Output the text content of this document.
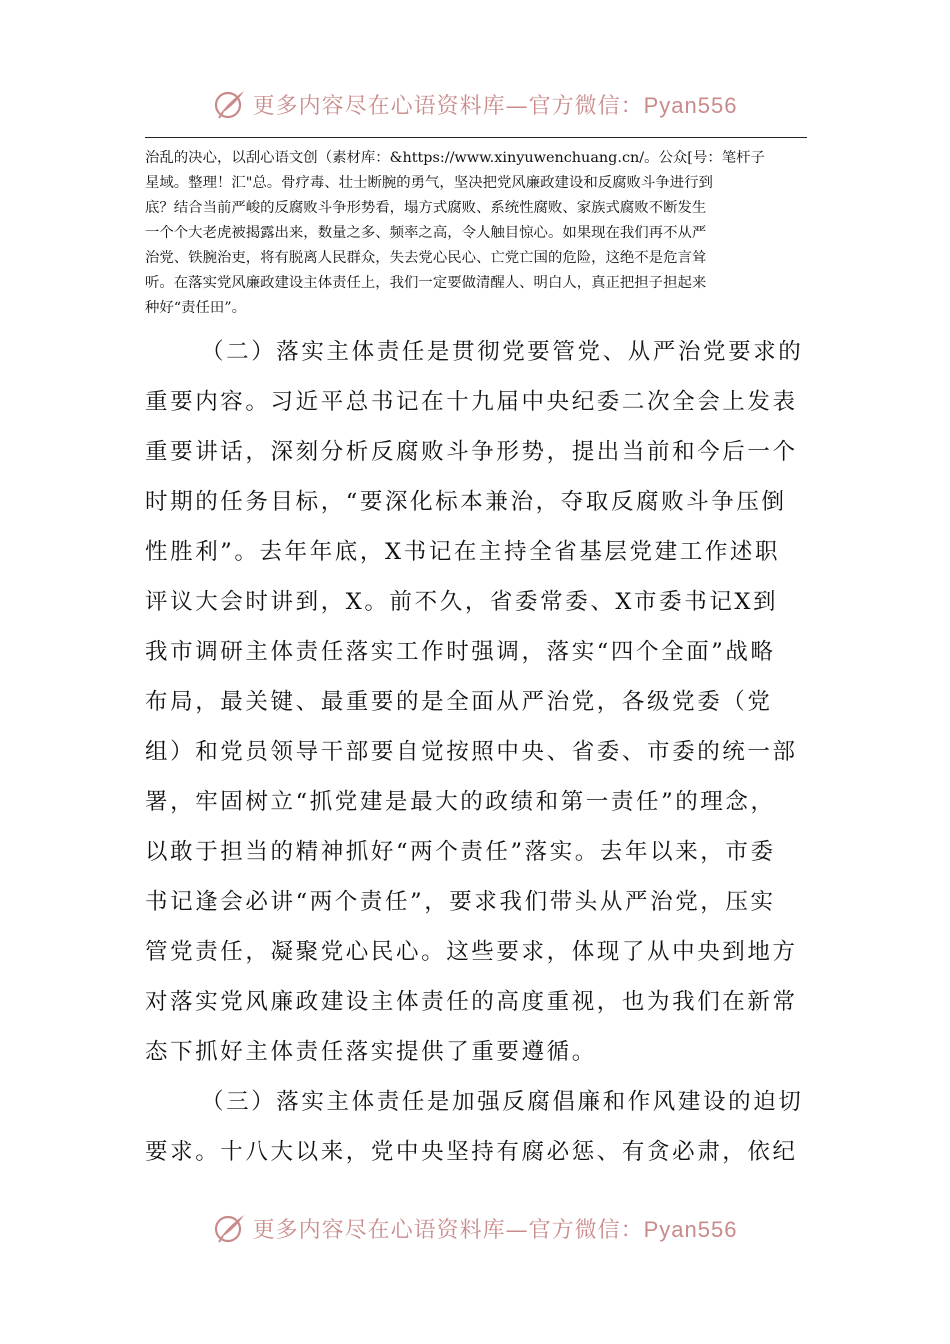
更多内容尽在心语资料库—官方微信：Pyan556
治乱的决心，以刮心语文创（素材库：&https://www.xinyuwenchuang.cn/。公众[号：笔杆子
星域。整理！汇"总。骨疗毒、壮士断腕的勇气，坚决把党风廉政建设和反腐败斗争进行到
底？结合当前严峻的反腐败斗争形势看，塌方式腐败、系统性腐败、家族式腐败不断发生
一个个大老虎被揭露出来，数量之多、频率之高，令人触目惊心。如果现在我们再不从严
治党、铁腕治吏，将有脱离人民群众，失去党心民心、亡党亡国的危险，这绝不是危言耸
听。在落实党风廉政建设主体责任上，我们一定要做清醒人、明白人，真正把担子担起来
种好“责任田”。
（二）落实主体责任是贯彻党要管党、从严治党要求的
重要内容。习近平总书记在十九届中央纪委二次全会上发表
重要讲话，深刻分析反腐败斗争形势，提出当前和今后一个
时期的任务目标，“要深化标本兼治，夺取反腐败斗争压倒
性胜利”。去年年底，X书记在主持全省基层党建工作述职
评议大会时讲到，X。前不久，省委常委、X市委书记X到
我市调研主体责任落实工作时强调，落实“四个全面”战略
布局，最关键、最重要的是全面从严治党，各级党委（党
组）和党员领导干部要自觉按照中央、省委、市委的统一部
署，牢固树立“抓党建是最大的政绩和第一责任”的理念，
以敢于担当的精神抓好“两个责任”落实。去年以来，市委
书记逢会必讲“两个责任”，要求我们带头从严治党，压实
管党责任，凝聚党心民心。这些要求，体现了从中央到地方
对落实党风廉政建设主体责任的高度重视，也为我们在新常
态下抓好主体责任落实提供了重要遵循。
（三）落实主体责任是加强反腐倡廉和作风建设的迫切
要求。十八大以来，党中央坚持有腐必惩、有贪必肃，依纪
更多内容尽在心语资料库—官方微信：Pyan556
